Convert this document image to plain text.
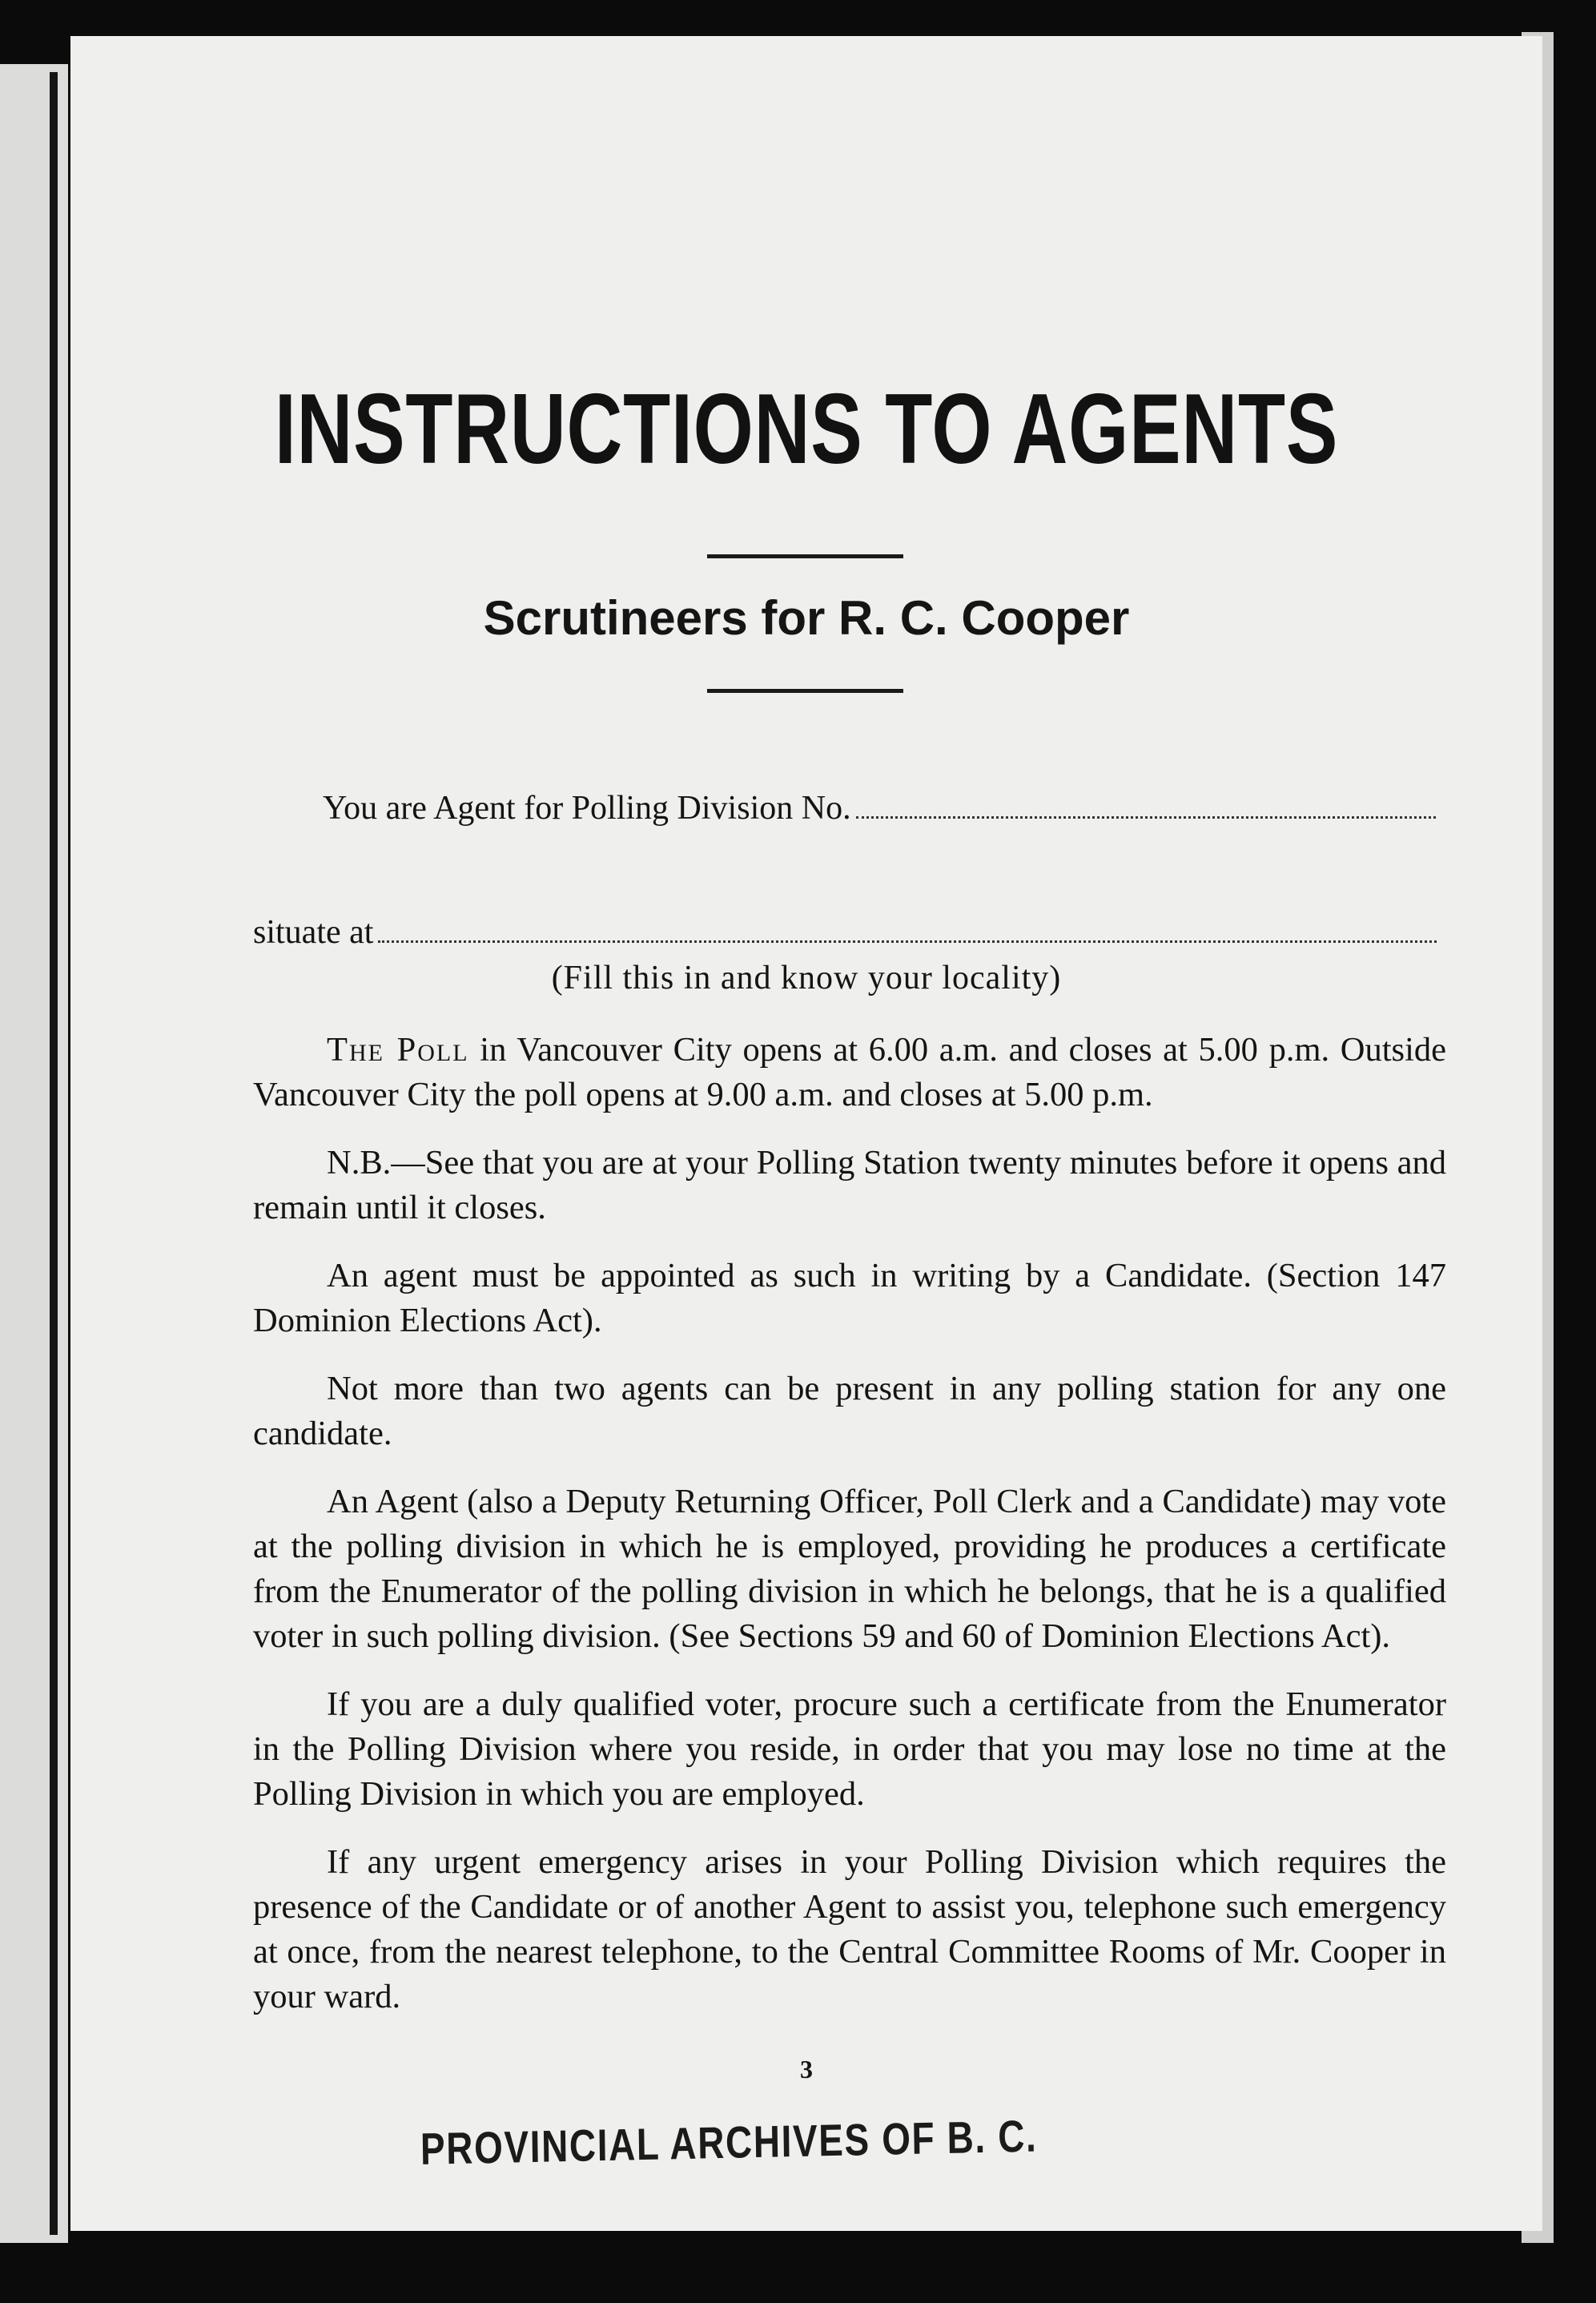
INSTRUCTIONS TO AGENTS
Scrutineers for R. C. Cooper
You are Agent for Polling Division No.
situate at
(Fill this in and know your locality)

The Poll in Vancouver City opens at 6.00 a.m. and closes at 5.00 p.m. Outside Vancouver City the poll opens at 9.00 a.m. and closes at 5.00 p.m.

N.B.—See that you are at your Polling Station twenty minutes before it opens and remain until it closes.

An agent must be appointed as such in writing by a Candidate. (Section 147 Dominion Elections Act).

Not more than two agents can be present in any polling station for any one candidate.

An Agent (also a Deputy Returning Officer, Poll Clerk and a Candidate) may vote at the polling division in which he is employed, providing he produces a certificate from the Enumerator of the polling division in which he belongs, that he is a qualified voter in such polling division. (See Sections 59 and 60 of Dominion Elections Act).

If you are a duly qualified voter, procure such a certificate from the Enumerator in the Polling Division where you reside, in order that you may lose no time at the Polling Division in which you are employed.

If any urgent emergency arises in your Polling Division which requires the presence of the Candidate or of another Agent to assist you, telephone such emergency at once, from the nearest telephone, to the Central Committee Rooms of Mr. Cooper in your ward.

3
PROVINCIAL ARCHIVES OF B. C.
